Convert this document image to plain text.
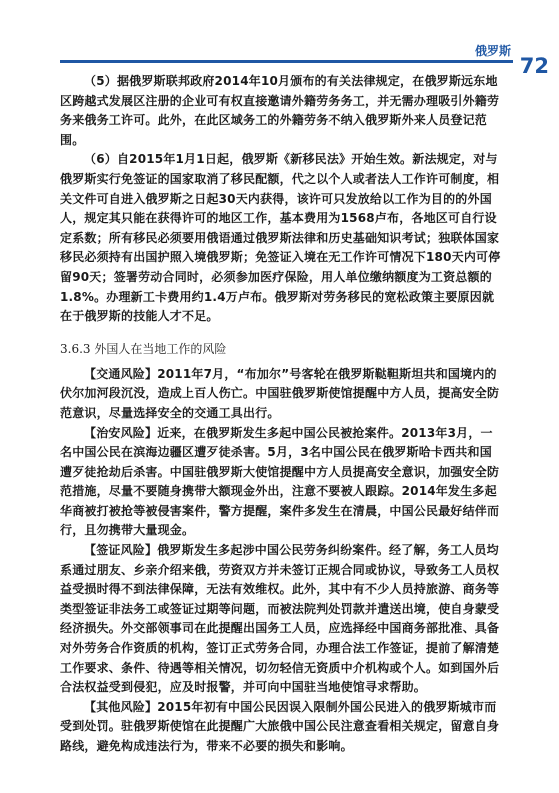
俄罗斯
72

（5）据俄罗斯联邦政府2014年10月颁布的有关法律规定，在俄罗斯远东地区跨越式发展区注册的企业可有权直接邀请外籍劳务务工，并无需办理吸引外籍劳务来俄务工许可。此外，在此区域务工的外籍劳务不纳入俄罗斯外来人员登记范围。

（6）自2015年1月1日起，俄罗斯《新移民法》开始生效。新法规定，对与俄罗斯实行免签证的国家取消了移民配额，代之以个人或者法人工作许可制度，相关文件可自进入俄罗斯之日起30天内获得，该许可只发放给以工作为目的的外国人，规定其只能在获得许可的地区工作，基本费用为1568卢布，各地区可自行设定系数；所有移民必须要用俄语通过俄罗斯法律和历史基础知识考试；独联体国家移民必须持有出国护照入境俄罗斯；免签证入境在无工作许可情况下180天内可停留90天；签署劳动合同时，必须参加医疗保险，用人单位缴纳额度为工资总额的1.8%。办理新工卡费用约1.4万卢布。俄罗斯对劳务移民的宽松政策主要原因就在于俄罗斯的技能人才不足。

3.6.3 外国人在当地工作的风险

【交通风险】2011年7月，“布加尔”号客轮在俄罗斯鞑靼斯坦共和国境内的伏尔加河段沉没，造成上百人伤亡。中国驻俄罗斯使馆提醒中方人员，提高安全防范意识，尽量选择安全的交通工具出行。

【治安风险】近来，在俄罗斯发生多起中国公民被抢案件。2013年3月，一名中国公民在滨海边疆区遭歹徒杀害。5月，3名中国公民在俄罗斯哈卡西共和国遭歹徒抢劫后杀害。中国驻俄罗斯大使馆提醒中方人员提高安全意识，加强安全防范措施，尽量不要随身携带大额现金外出，注意不要被人跟踪。2014年发生多起华商被打被抢等被侵害案件，警方提醒，案件多发生在清晨，中国公民最好结伴而行，且勿携带大量现金。

【签证风险】俄罗斯发生多起涉中国公民劳务纠纷案件。经了解，务工人员均系通过朋友、乡亲介绍来俄，劳资双方并未签订正规合同或协议，导致务工人员权益受损时得不到法律保障，无法有效维权。此外，其中有不少人员持旅游、商务等类型签证非法务工或签证过期等问题，而被法院判处罚款并遣送出境，使自身蒙受经济损失。外交部领事司在此提醒出国务工人员，应选择经中国商务部批准、具备对外劳务合作资质的机构，签订正式劳务合同，办理合法工作签证，提前了解清楚工作要求、条件、待遇等相关情况，切勿轻信无资质中介机构或个人。如到国外后合法权益受到侵犯，应及时报警，并可向中国驻当地使馆寻求帮助。

【其他风险】2015年初有中国公民因误入限制外国公民进入的俄罗斯城市而受到处罚。驻俄罗斯使馆在此提醒广大旅俄中国公民注意查看相关规定，留意自身路线，避免构成违法行为，带来不必要的损失和影响。
